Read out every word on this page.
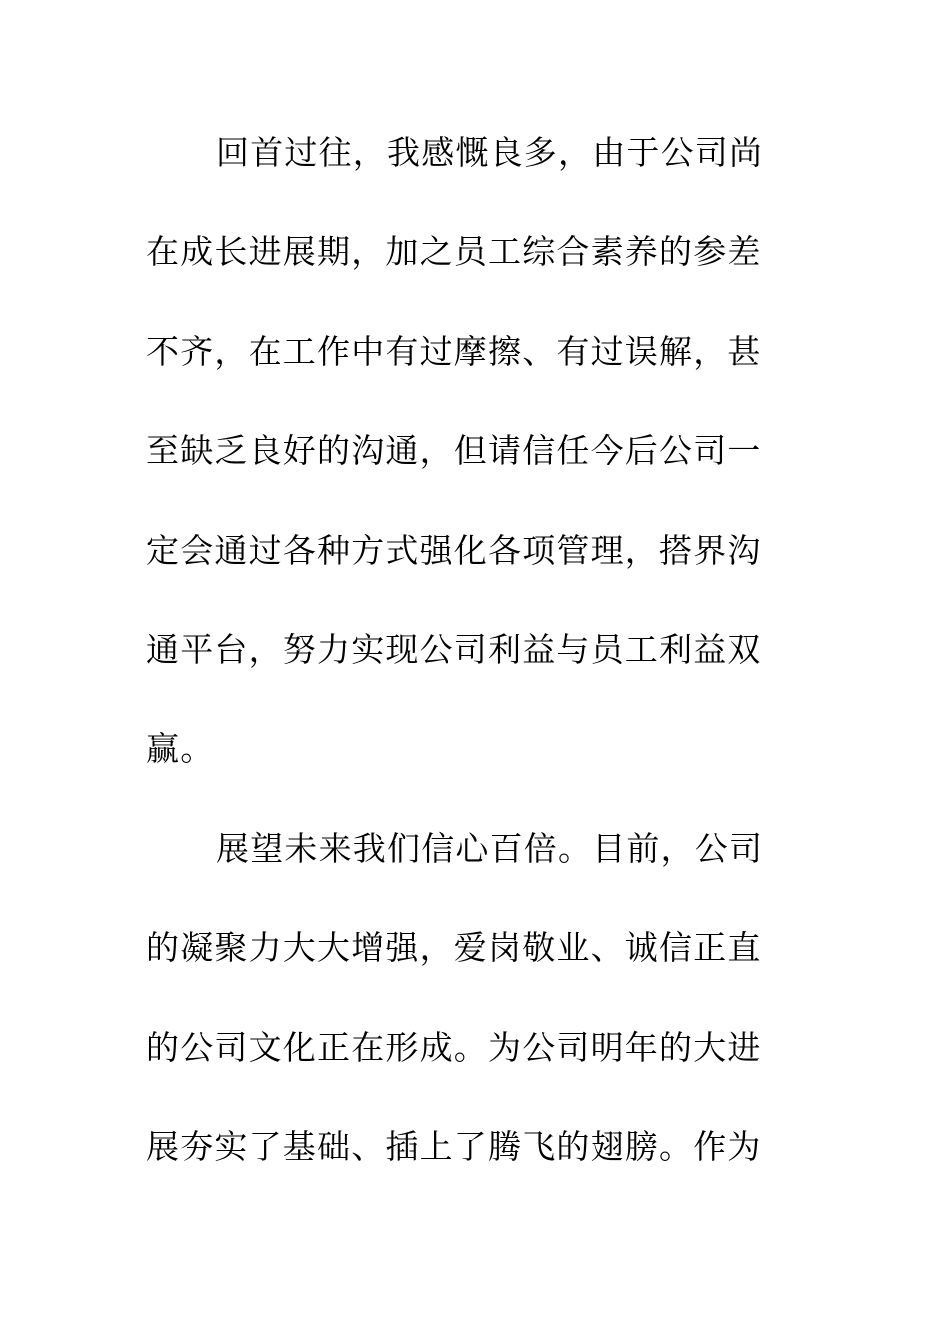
回首过往，我感慨良多，由于公司尚
在成长进展期，加之员工综合素养的参差
不齐，在工作中有过摩擦、有过误解，甚
至缺乏良好的沟通，但请信任今后公司一
定会通过各种方式强化各项管理，搭界沟
通平台，努力实现公司利益与员工利益双
赢。
展望未来我们信心百倍。目前，公司
的凝聚力大大增强，爱岗敬业、诚信正直
的公司文化正在形成。为公司明年的大进
展夯实了基础、插上了腾飞的翅膀。作为
